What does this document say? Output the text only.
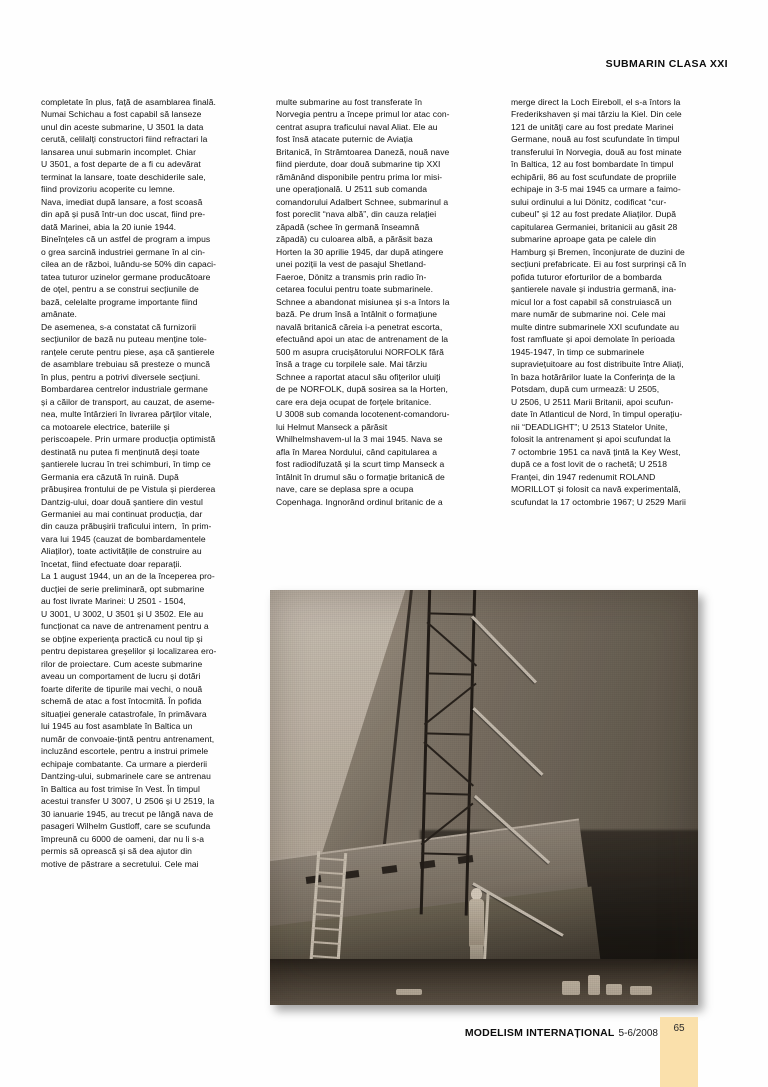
SUBMARIN CLASA XXI

completate în plus, față de asamblarea finală.
Numai Schichau a fost capabil să lanseze
unul din aceste submarine, U 3501 la data
cerută, celilalți constructori fiind refractari la
lansarea unui submarin incomplet. Chiar
U 3501, a fost departe de a fi cu adevărat
terminat la lansare, toate deschiderile sale,
fiind provizoriu acoperite cu lemne.
Nava, imediat după lansare, a fost scoasă
din apă și pusă într-un doc uscat, fiind pre-
dată Marinei, abia la 20 iunie 1944.
Bineînțeles că un astfel de program a impus
o grea sarcină industriei germane în al cin-
cilea an de război, luându-se 50% din capaci-
tatea tuturor uzinelor germane producătoare
de oțel, pentru a se construi secțiunile de
bază, celelalte programe importante fiind
amânate.
De asemenea, s-a constatat că furnizorii
secțiunilor de bază nu puteau menține tole-
ranțele cerute pentru piese, așa că șantierele
de asamblare trebuiau să presteze o muncă
în plus, pentru a potrivi diversele secțiuni.
Bombardarea centrelor industriale germane
și a căilor de transport, au cauzat, de aseme-
nea, multe întârzieri în livrarea părților vitale,
ca motoarele electrice, bateriile și
periscoapele. Prin urmare producția optimistă
destinată nu putea fi menținută deși toate
șantierele lucrau în trei schimburi, în timp ce
Germania era căzută în ruină. După
prăbușirea frontului de pe Vistula și pierderea
Dantzig-ului, doar două șantiere din vestul
Germaniei au mai continuat producția, dar
din cauza prăbușirii traficului intern,  în prim-
vara lui 1945 (cauzat de bombardamentele
Aliaților), toate activitățile de construire au
încetat, fiind efectuate doar reparații.
La 1 august 1944, un an de la începerea pro-
ducției de serie preliminară, opt submarine
au fost livrate Marinei: U 2501 - 1504,
U 3001, U 3002, U 3501 și U 3502. Ele au
funcționat ca nave de antrenament pentru a
se obține experiența practică cu noul tip și
pentru depistarea greșelilor și localizarea ero-
rilor de proiectare. Cum aceste submarine
aveau un comportament de lucru și dotări
foarte diferite de tipurile mai vechi, o nouă
schemă de atac a fost întocmită. În pofida
situației generale catastrofale, în primăvara
lui 1945 au fost asamblate în Baltica un
număr de convoaie-țintă pentru antrenament,
incluzând escortele, pentru a instrui primele
echipaje combatante. Ca urmare a pierderii
Dantzing-ului, submarinele care se antrenau
în Baltica au fost trimise în Vest. În timpul
acestui transfer U 3007, U 2506 și U 2519, la
30 ianuarie 1945, au trecut pe lângă nava de
pasageri Wilhelm Gustloff, care se scufunda
împreună cu 6000 de oameni, dar nu li s-a
permis să oprească și să dea ajutor din
motive de păstrare a secretului. Cele mai

multe submarine au fost transferate în
Norvegia pentru a începe primul lor atac con-
centrat asupra traficului naval Aliat. Ele au
fost însă atacate puternic de Aviația
Britanică, în Strâmtoarea Daneză, nouă nave
fiind pierdute, doar două submarine tip XXI
rămânând disponibile pentru prima lor misi-
une operațională. U 2511 sub comanda
comandorului Adalbert Schnee, submarinul a
fost poreclit “nava albă”, din cauza relației
zăpadă (schee în germană înseamnă
zăpadă) cu culoarea albă, a părăsit baza
Horten la 30 aprilie 1945, dar după atingere
unei poziții la vest de pasajul Shetland-
Faeroe, Dönitz a transmis prin radio în-
cetarea focului pentru toate submarinele.
Schnee a abandonat misiunea și s-a întors la
bază. Pe drum însă a întâlnit o formațiune
navală britanică căreia i-a penetrat escorta,
efectuând apoi un atac de antrenament de la
500 m asupra crucișătorului NORFOLK fără
însă a trage cu torpilele sale. Mai târziu
Schnee a raportat atacul său ofițerilor uluiți
de pe NORFOLK, după sosirea sa la Horten,
care era deja ocupat de forțele britanice.
U 3008 sub comanda locotenent-comandoru-
lui Helmut Manseck a părăsit
Whilhelmshavem-ul la 3 mai 1945. Nava se
afla în Marea Nordului, când capitularea a
fost radiodifuzată și la scurt timp Manseck a
întâlnit în drumul său o formație britanică de
nave, care se deplasa spre a ocupa
Copenhaga. Ingnorând ordinul britanic de a

merge direct la Loch Eireboll, el s-a întors la
Frederikshaven și mai târziu la Kiel. Din cele
121 de unități care au fost predate Marinei
Germane, nouă au fost scufundate în timpul
transferului în Norvegia, două au fost minate
în Baltica, 12 au fost bombardate în timpul
echipării, 86 au fost scufundate de propriile
echipaje in 3-5 mai 1945 ca urmare a faimo-
sului ordinului a lui Dönitz, codificat “cur-
cubeul” și 12 au fost predate Aliaților. După
capitularea Germaniei, britanicii au găsit 28
submarine aproape gata pe calele din
Hamburg și Bremen, înconjurate de duzini de
secțiuni prefabricate. Ei au fost surprinși că în
pofida tuturor eforturilor de a bombarda
șantierele navale și industria germană, ina-
micul lor a fost capabil să construiască un
mare număr de submarine noi. Cele mai
multe dintre submarinele XXI scufundate au
fost ramfluate și apoi demolate în perioada
1945-1947, în timp ce submarinele
supraviețuitoare au fost distribuite între Aliați,
în baza hotărârilor luate la Conferința de la
Potsdam, după cum urmează: U 2505,
U 2506, U 2511 Marii Britanii, apoi scufun-
date în Atlanticul de Nord, în timpul operațiu-
nii “DEADLIGHT”; U 2513 Statelor Unite,
folosit la antrenament și apoi scufundat la
7 octombrie 1951 ca navă țintă la Key West,
după ce a fost lovit de o rachetă; U 2518
Franței, din 1947 redenumit ROLAND
MORILLOT și folosit ca navă experimentală,
scufundat la 17 octombrie 1967; U 2529 Marii

MODELISM INTERNAȚIONAL 5-6/2008	65
